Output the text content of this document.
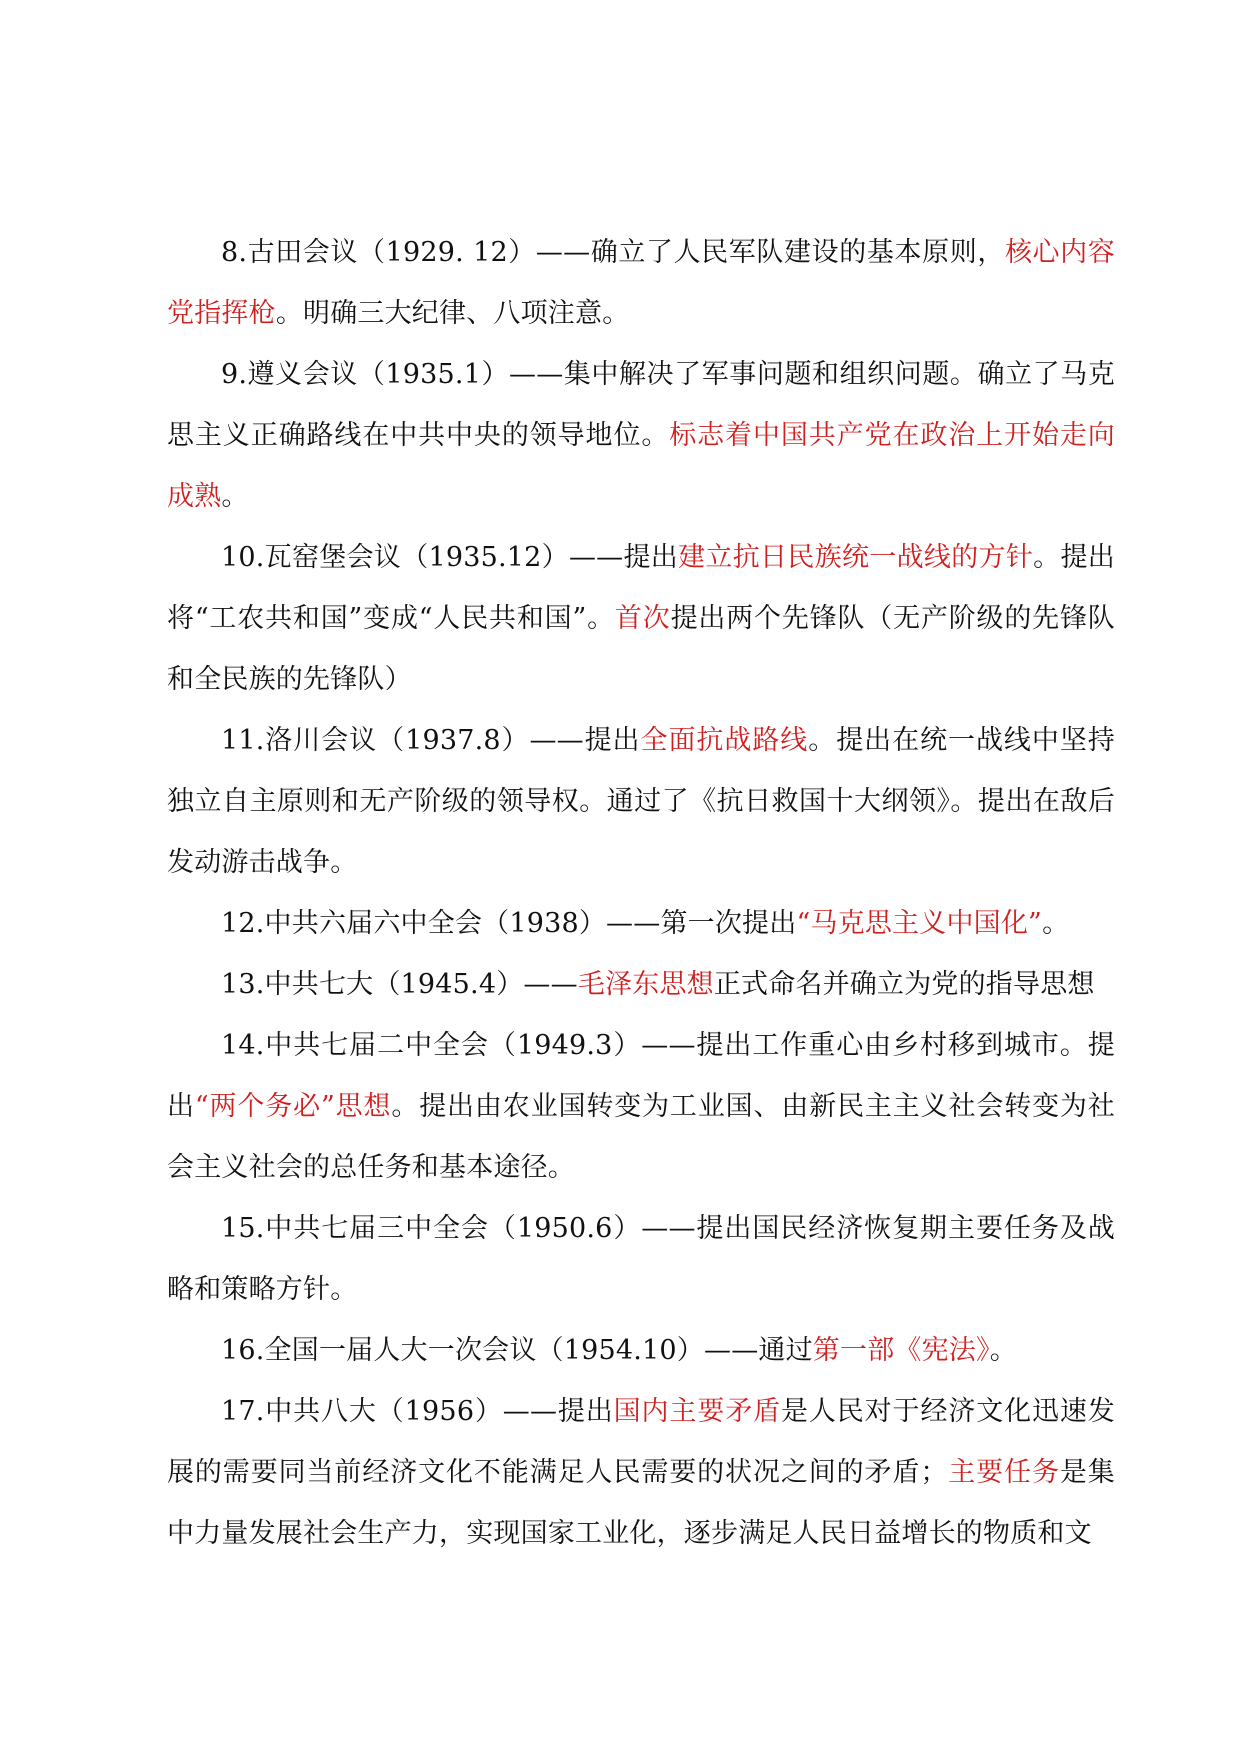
8.古田会议（1929. 12）——确立了人民军队建设的基本原则，核心内容党指挥枪。明确三大纪律、八项注意。

9.遵义会议（1935.1）——集中解决了军事问题和组织问题。确立了马克思主义正确路线在中共中央的领导地位。标志着中国共产党在政治上开始走向成熟。

10.瓦窑堡会议（1935.12）——提出建立抗日民族统一战线的方针。提出将“工农共和国”变成“人民共和国”。首次提出两个先锋队（无产阶级的先锋队和全民族的先锋队）

11.洛川会议（1937.8）——提出全面抗战路线。提出在统一战线中坚持独立自主原则和无产阶级的领导权。通过了《抗日救国十大纲领》。提出在敌后发动游击战争。

12.中共六届六中全会（1938）——第一次提出“马克思主义中国化”。

13.中共七大（1945.4）——毛泽东思想正式命名并确立为党的指导思想

14.中共七届二中全会（1949.3）——提出工作重心由乡村移到城市。提出“两个务必”思想。提出由农业国转变为工业国、由新民主主义社会转变为社会主义社会的总任务和基本途径。

15.中共七届三中全会（1950.6）——提出国民经济恢复期主要任务及战略和策略方针。

16.全国一届人大一次会议（1954.10）——通过第一部《宪法》。

17.中共八大（1956）——提出国内主要矛盾是人民对于经济文化迅速发展的需要同当前经济文化不能满足人民需要的状况之间的矛盾；主要任务是集中力量发展社会生产力，实现国家工业化，逐步满足人民日益增长的物质和文
